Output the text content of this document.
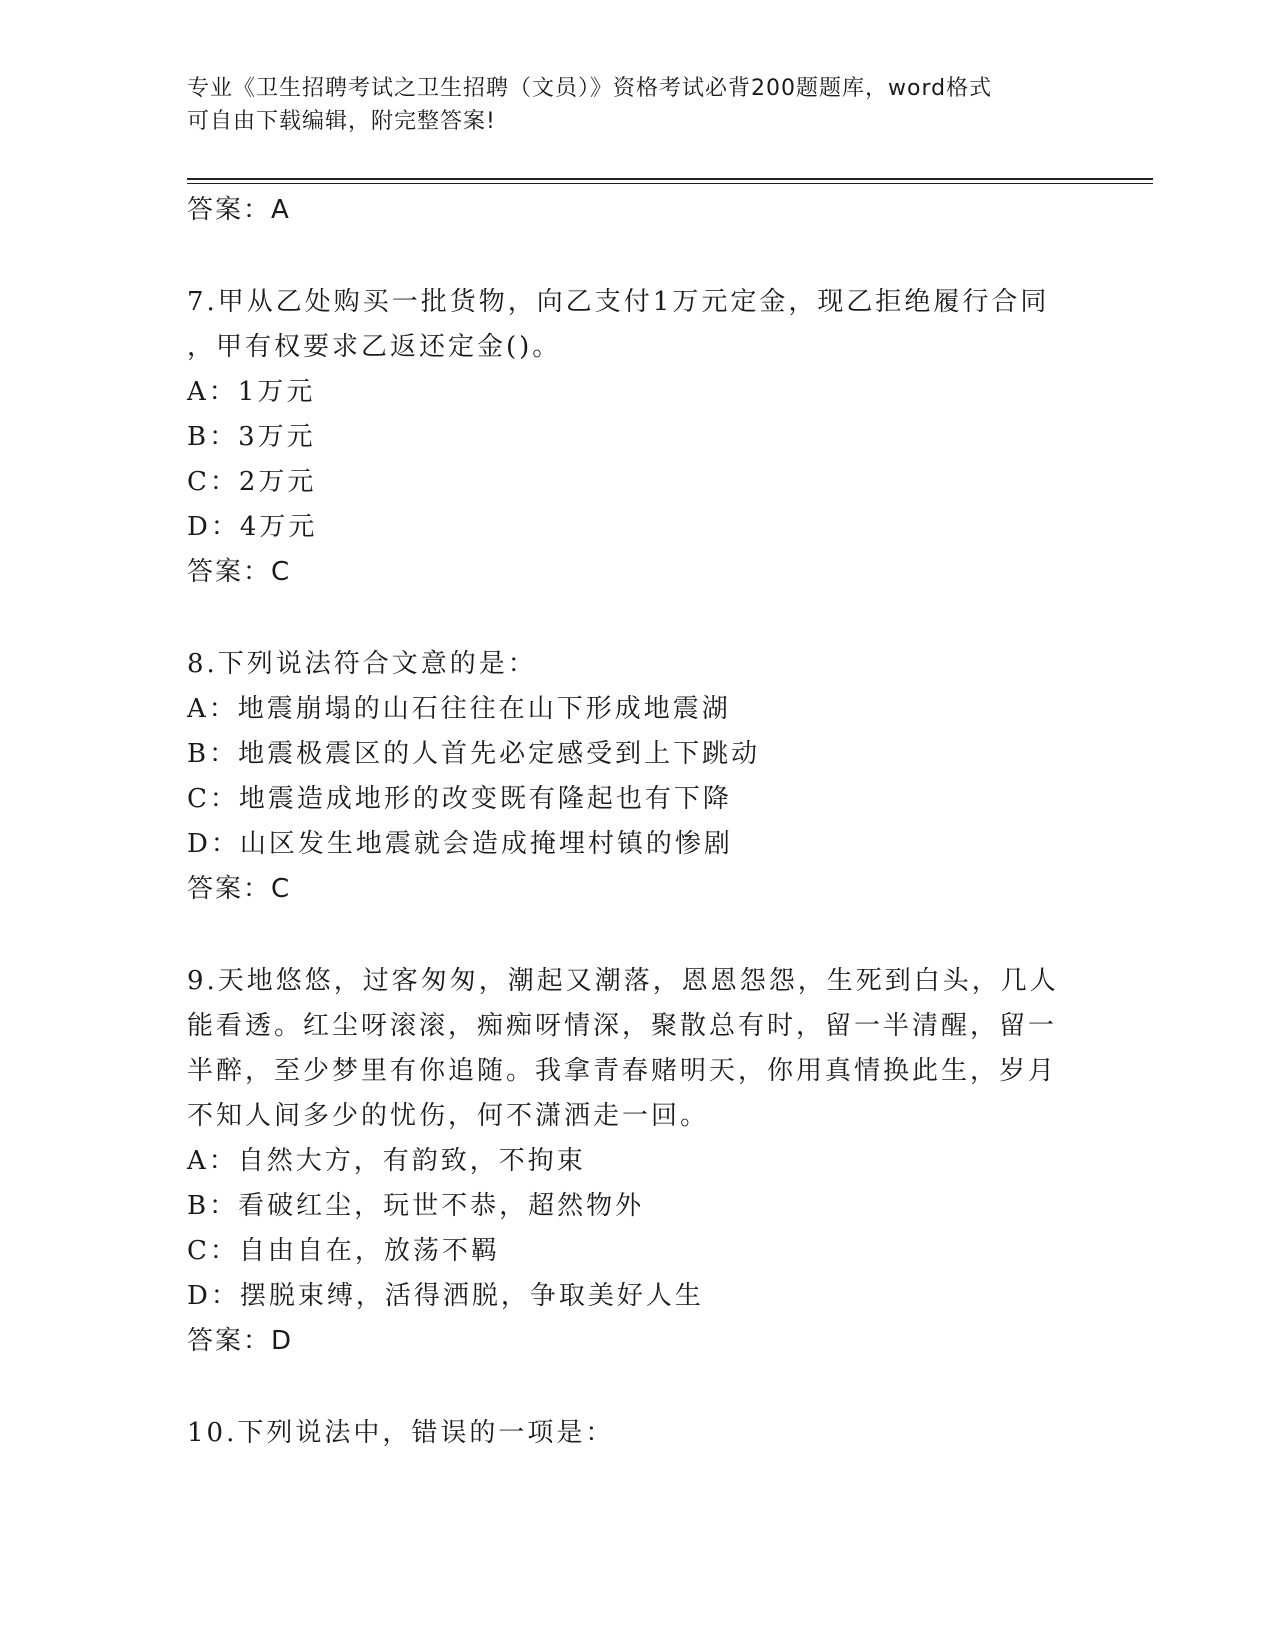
专业《卫生招聘考试之卫生招聘（文员）》资格考试必背200题题库，word格式
可自由下载编辑，附完整答案!
答案：A
7.甲从乙处购买一批货物，向乙支付1万元定金，现乙拒绝履行合同
，甲有权要求乙返还定金()。
A：1万元
B：3万元
C：2万元
D：4万元
答案：C
8.下列说法符合文意的是：
A：地震崩塌的山石往往在山下形成地震湖
B：地震极震区的人首先必定感受到上下跳动
C：地震造成地形的改变既有隆起也有下降
D：山区发生地震就会造成掩埋村镇的惨剧
答案：C
9.天地悠悠，过客匆匆，潮起又潮落，恩恩怨怨，生死到白头，几人
能看透。红尘呀滚滚，痴痴呀情深，聚散总有时，留一半清醒，留一
半醉，至少梦里有你追随。我拿青春赌明天，你用真情换此生，岁月
不知人间多少的忧伤，何不潇洒走一回。
A：自然大方，有韵致，不拘束
B：看破红尘，玩世不恭，超然物外
C：自由自在，放荡不羁
D：摆脱束缚，活得洒脱，争取美好人生
答案：D
10.下列说法中，错误的一项是：
